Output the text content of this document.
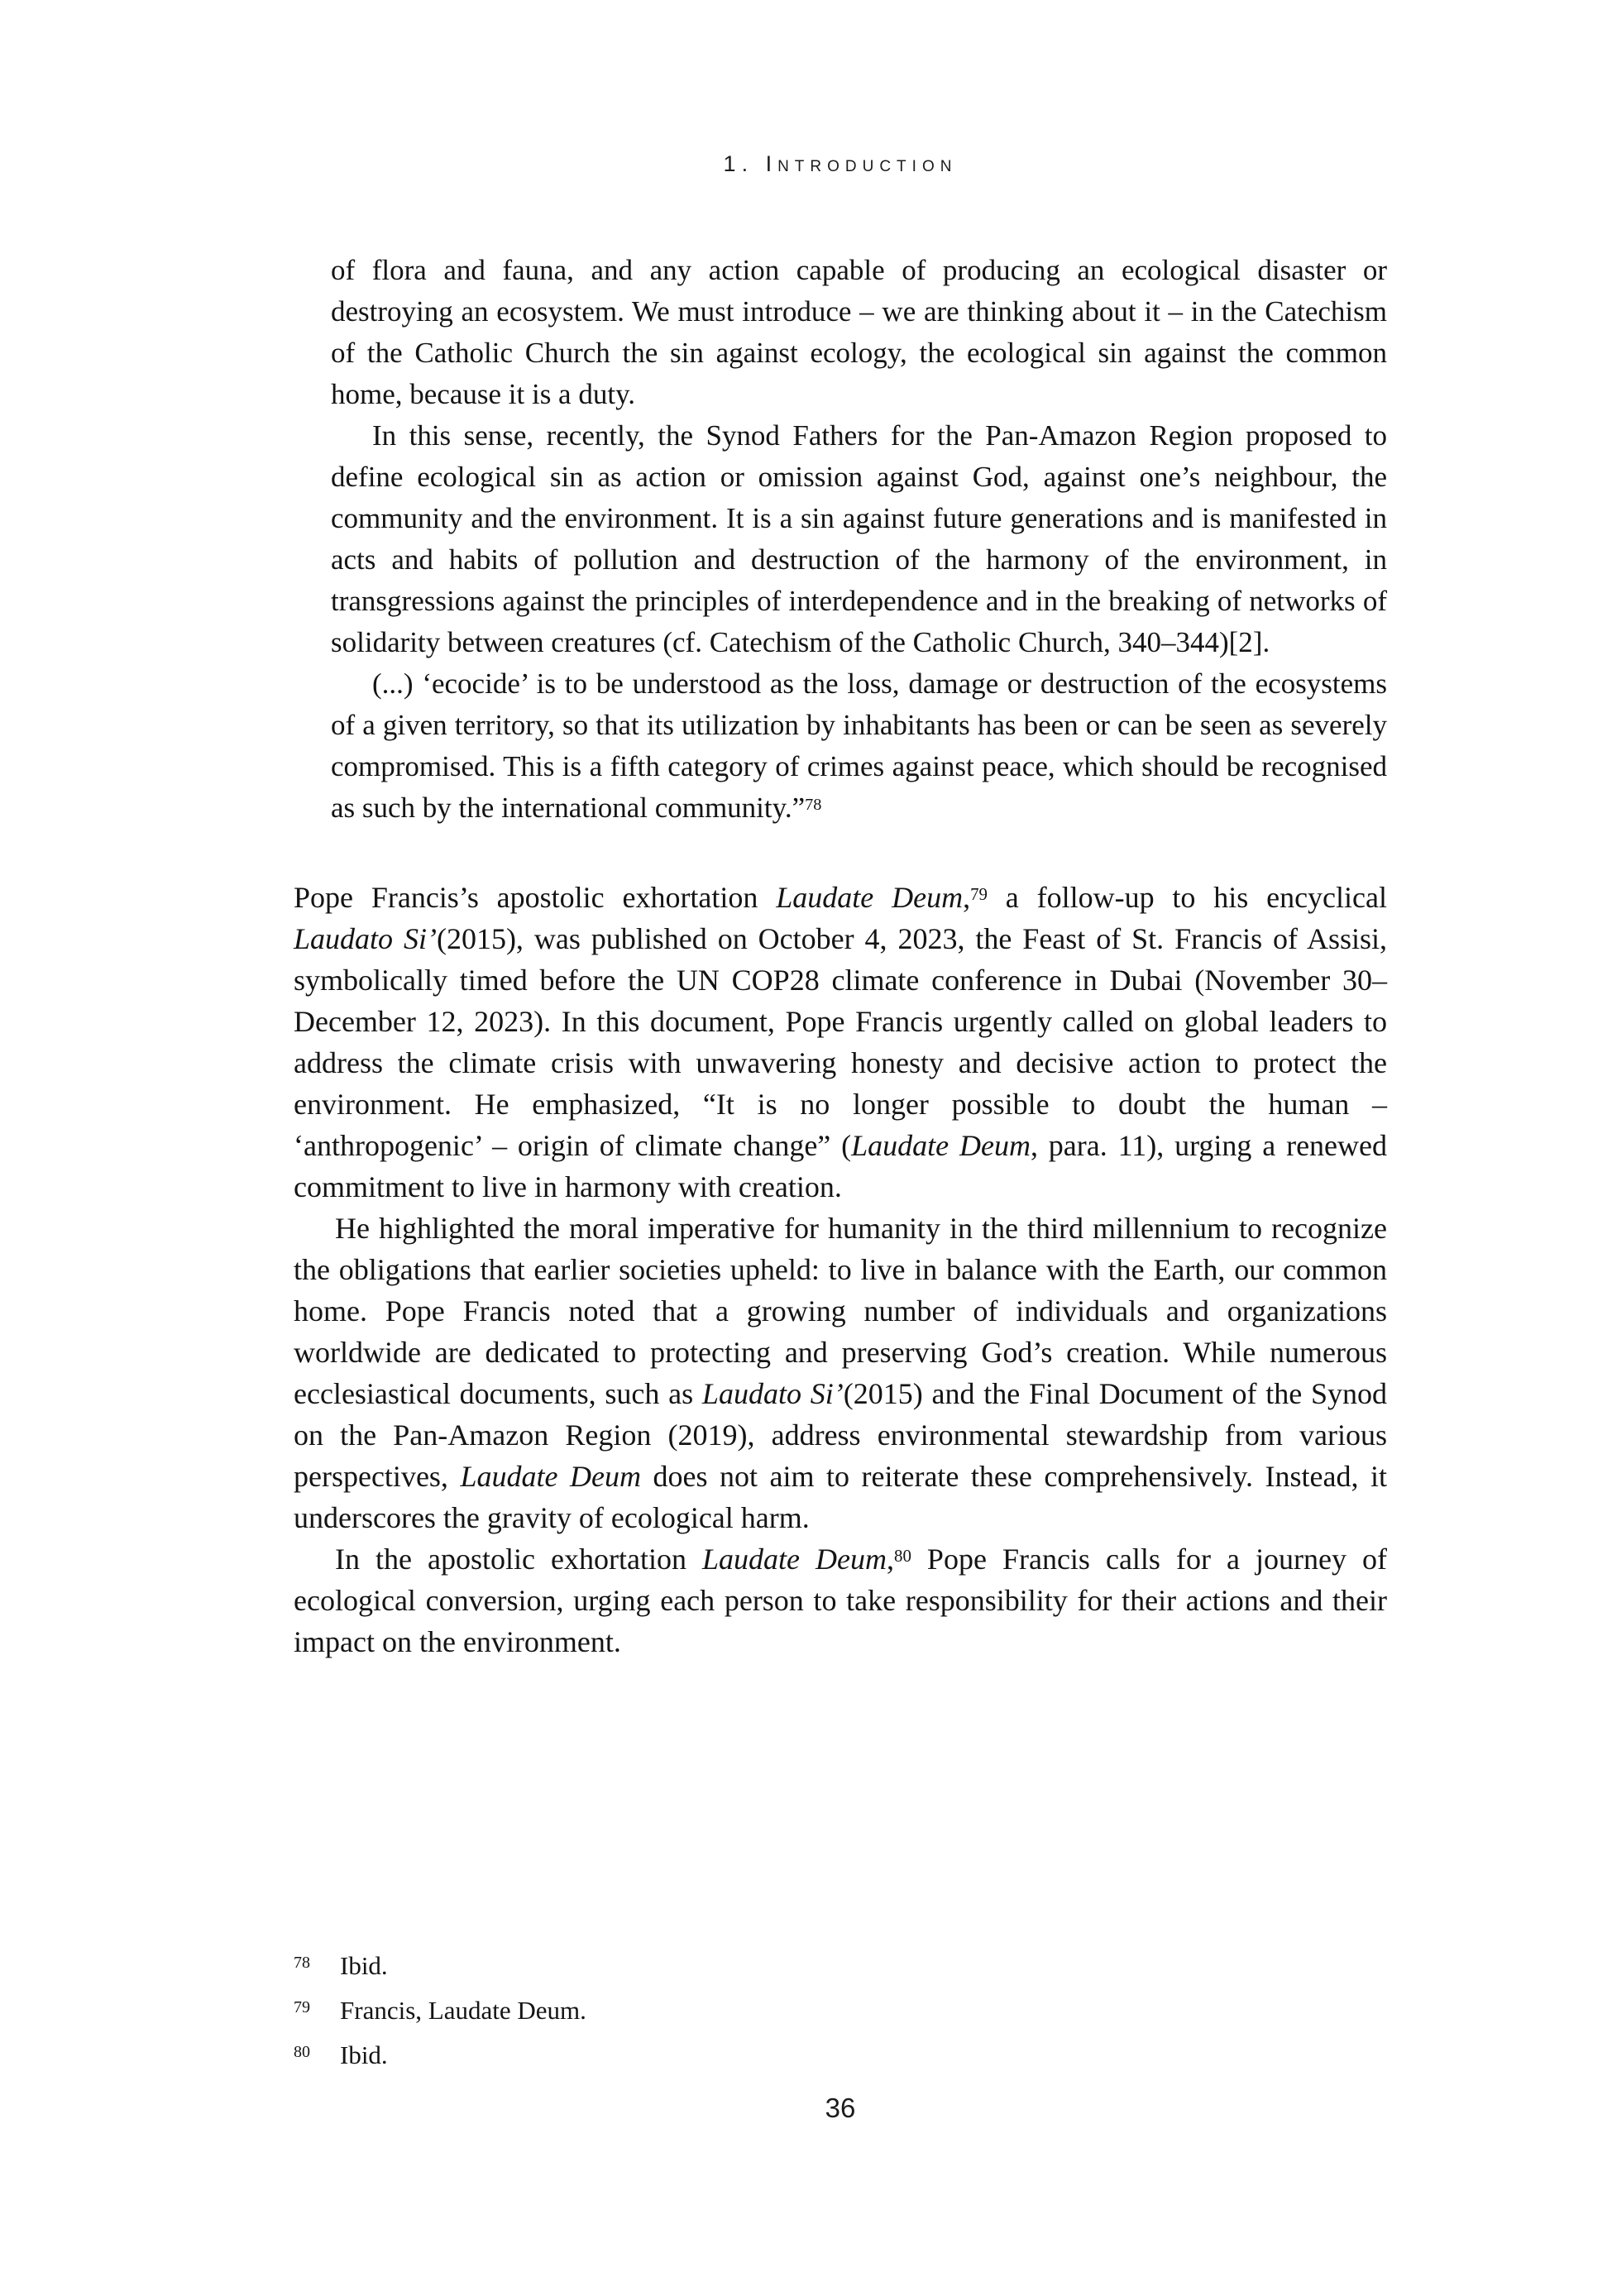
1. Introduction

of flora and fauna, and any action capable of producing an ecological disaster or destroying an ecosystem. We must introduce – we are thinking about it – in the Catechism of the Catholic Church the sin against ecology, the ecological sin against the common home, because it is a duty.

In this sense, recently, the Synod Fathers for the Pan-Amazon Region proposed to define ecological sin as action or omission against God, against one’s neighbour, the community and the environment. It is a sin against future generations and is manifested in acts and habits of pollution and destruction of the harmony of the environment, in transgressions against the principles of interdependence and in the breaking of networks of solidarity between creatures (cf. Catechism of the Catholic Church, 340–344)[2].

(...) ‘ecocide’ is to be understood as the loss, damage or destruction of the ecosystems of a given territory, so that its utilization by inhabitants has been or can be seen as severely compromised. This is a fifth category of crimes against peace, which should be recognised as such by the international community.”$^{78}$

Pope Francis’s apostolic exhortation Laudate Deum,$^{79}$ a follow-up to his encyclical Laudato Si’(2015), was published on October 4, 2023, the Feast of St. Francis of Assisi, symbolically timed before the UN COP28 climate conference in Dubai (November 30–December 12, 2023). In this document, Pope Francis urgently called on global leaders to address the climate crisis with unwavering honesty and decisive action to protect the environment. He emphasized, “It is no longer possible to doubt the human – ‘anthropogenic’ – origin of climate change” (Laudate Deum, para. 11), urging a renewed commitment to live in harmony with creation.

He highlighted the moral imperative for humanity in the third millennium to recognize the obligations that earlier societies upheld: to live in balance with the Earth, our common home. Pope Francis noted that a growing number of individuals and organizations worldwide are dedicated to protecting and preserving God’s creation. While numerous ecclesiastical documents, such as Laudato Si’(2015) and the Final Document of the Synod on the Pan-Amazon Region (2019), address environmental stewardship from various perspectives, Laudate Deum does not aim to reiterate these comprehensively. Instead, it underscores the gravity of ecological harm.

In the apostolic exhortation Laudate Deum,$^{80}$ Pope Francis calls for a journey of ecological conversion, urging each person to take responsibility for their actions and their impact on the environment.

78	Ibid.
79	Francis, Laudate Deum.
80	Ibid.
36
